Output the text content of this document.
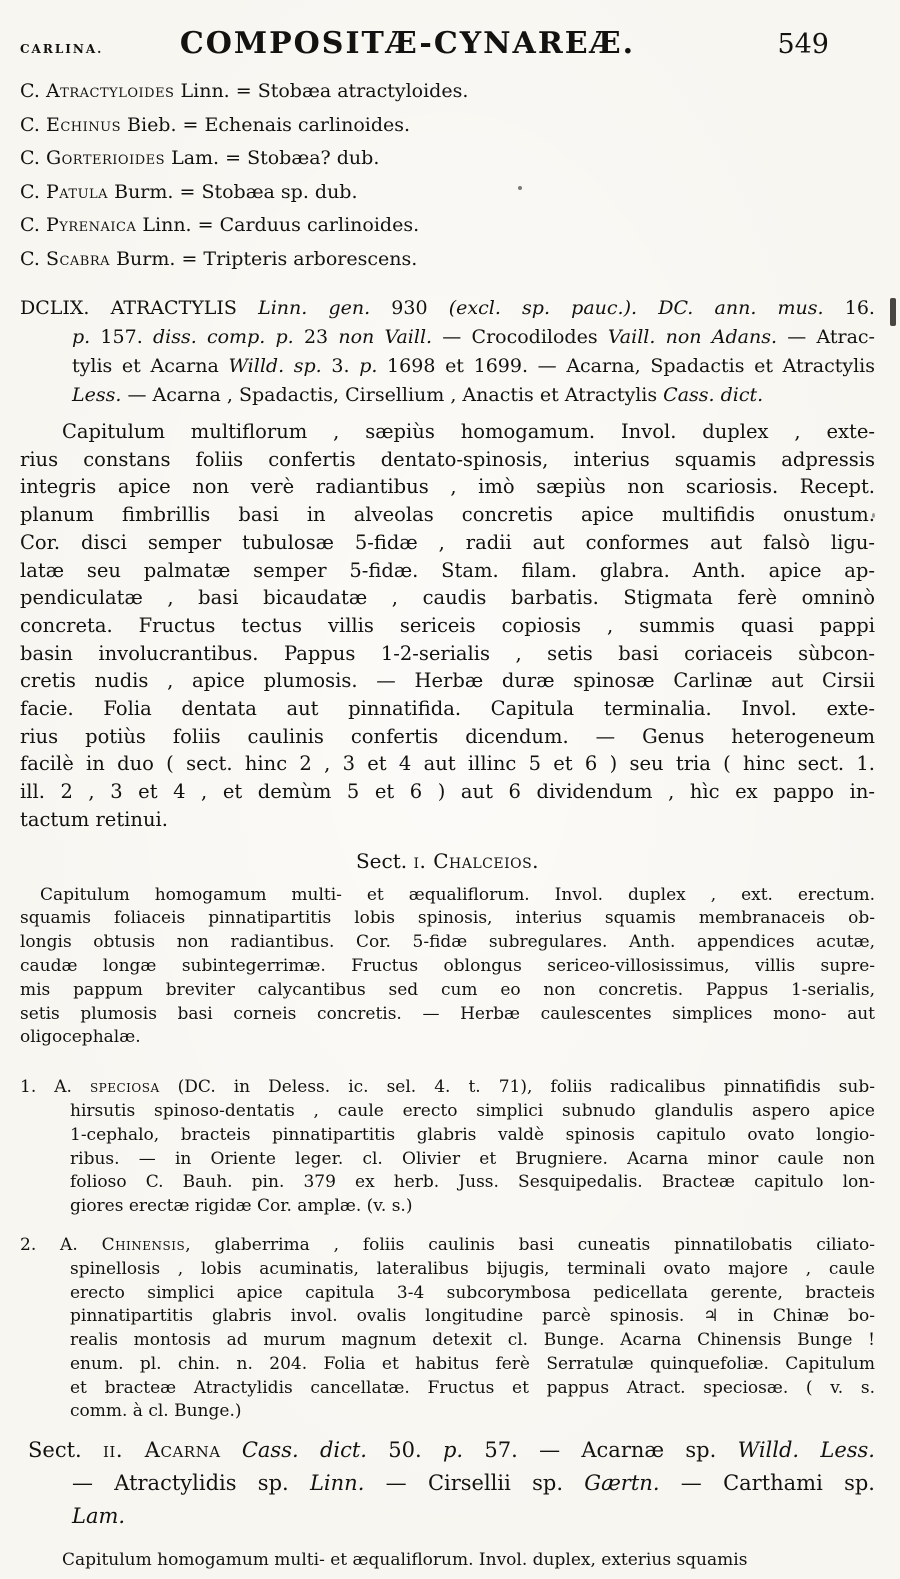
CARLINA.	COMPOSITÆ-CYNAREÆ.	549
C. Atractyloides Linn. = Stobæa atractyloides.
C. Echinus Bieb. = Echenais carlinoides.
C. Gorterioides Lam. = Stobæa? dub.
C. Patula Burm. = Stobæa sp. dub.
C. Pyrenaica Linn. = Carduus carlinoides.
C. Scabra Burm. = Tripteris arborescens.
DCLIX. ATRACTYLIS Linn. gen. 930 (excl. sp. pauc.). DC. ann. mus. 16.
p. 157. diss. comp. p. 23 non Vaill. — Crocodilodes Vaill. non Adans. — Atrac-
tylis et Acarna Willd. sp. 3. p. 1698 et 1699. — Acarna, Spadactis et Atractylis
Less. — Acarna , Spadactis, Cirsellium , Anactis et Atractylis Cass. dict.
Capitulum multiflorum , sæpiùs homogamum. Invol. duplex , exte-
rius constans foliis confertis dentato-spinosis, interius squamis adpressis
integris apice non verè radiantibus , imò sæpiùs non scariosis. Recept.
planum fimbrillis basi in alveolas concretis apice multifidis onustum.
Cor. disci semper tubulosæ 5-fidæ , radii aut conformes aut falsò ligu-
latæ seu palmatæ semper 5-fidæ. Stam. filam. glabra. Anth. apice ap-
pendiculatæ , basi bicaudatæ , caudis barbatis. Stigmata ferè omninò
concreta. Fructus tectus villis sericeis copiosis , summis quasi pappi
basin involucrantibus. Pappus 1-2-serialis , setis basi coriaceis sùbcon-
cretis nudis , apice plumosis. — Herbæ duræ spinosæ Carlinæ aut Cirsii
facie. Folia dentata aut pinnatifida. Capitula terminalia. Invol. exte-
rius potiùs foliis caulinis confertis dicendum. — Genus heterogeneum
facilè in duo ( sect. hinc 2 , 3 et 4 aut illinc 5 et 6 ) seu tria ( hinc sect. 1.
ill. 2 , 3 et 4 , et demùm 5 et 6 ) aut 6 dividendum , hìc ex pappo in-
tactum retinui.
Sect. i. Chalceios.
Capitulum homogamum multi- et æqualiflorum. Invol. duplex , ext. erectum.
squamis foliaceis pinnatipartitis lobis spinosis, interius squamis membranaceis ob-
longis obtusis non radiantibus. Cor. 5-fidæ subregulares. Anth. appendices acutæ,
caudæ longæ subintegerrimæ. Fructus oblongus sericeo-villosissimus, villis supre-
mis pappum breviter calycantibus sed cum eo non concretis. Pappus 1-serialis,
setis plumosis basi corneis concretis. — Herbæ caulescentes simplices mono- aut
oligocephalæ.
1. A. speciosa (DC. in Deless. ic. sel. 4. t. 71), foliis radicalibus pinnatifidis sub-
hirsutis spinoso-dentatis , caule erecto simplici subnudo glandulis aspero apice
1-cephalo, bracteis pinnatipartitis glabris valdè spinosis capitulo ovato longio-
ribus. — in Oriente leger. cl. Olivier et Brugniere. Acarna minor caule non
folioso C. Bauh. pin. 379 ex herb. Juss. Sesquipedalis. Bracteæ capitulo lon-
giores erectæ rigidæ Cor. amplæ. (v. s.)
2. A. Chinensis, glaberrima , foliis caulinis basi cuneatis pinnatilobatis ciliato-
spinellosis , lobis acuminatis, lateralibus bijugis, terminali ovato majore , caule
erecto simplici apice capitula 3-4 subcorymbosa pedicellata gerente, bracteis
pinnatipartitis glabris invol. ovalis longitudine parcè spinosis. ♃ in Chinæ bo-
realis montosis ad murum magnum detexit cl. Bunge. Acarna Chinensis Bunge !
enum. pl. chin. n. 204. Folia et habitus ferè Serratulæ quinquefoliæ. Capitulum
et bracteæ Atractylidis cancellatæ. Fructus et pappus Atract. speciosæ. ( v. s.
comm. à cl. Bunge.)
Sect. ii. Acarna Cass. dict. 50. p. 57. — Acarnæ sp. Willd. Less.
— Atractylidis sp. Linn. — Cirsellii sp. Gærtn. — Carthami sp.
Lam.
Capitulum homogamum multi- et æqualiflorum. Invol. duplex, exterius squamis
